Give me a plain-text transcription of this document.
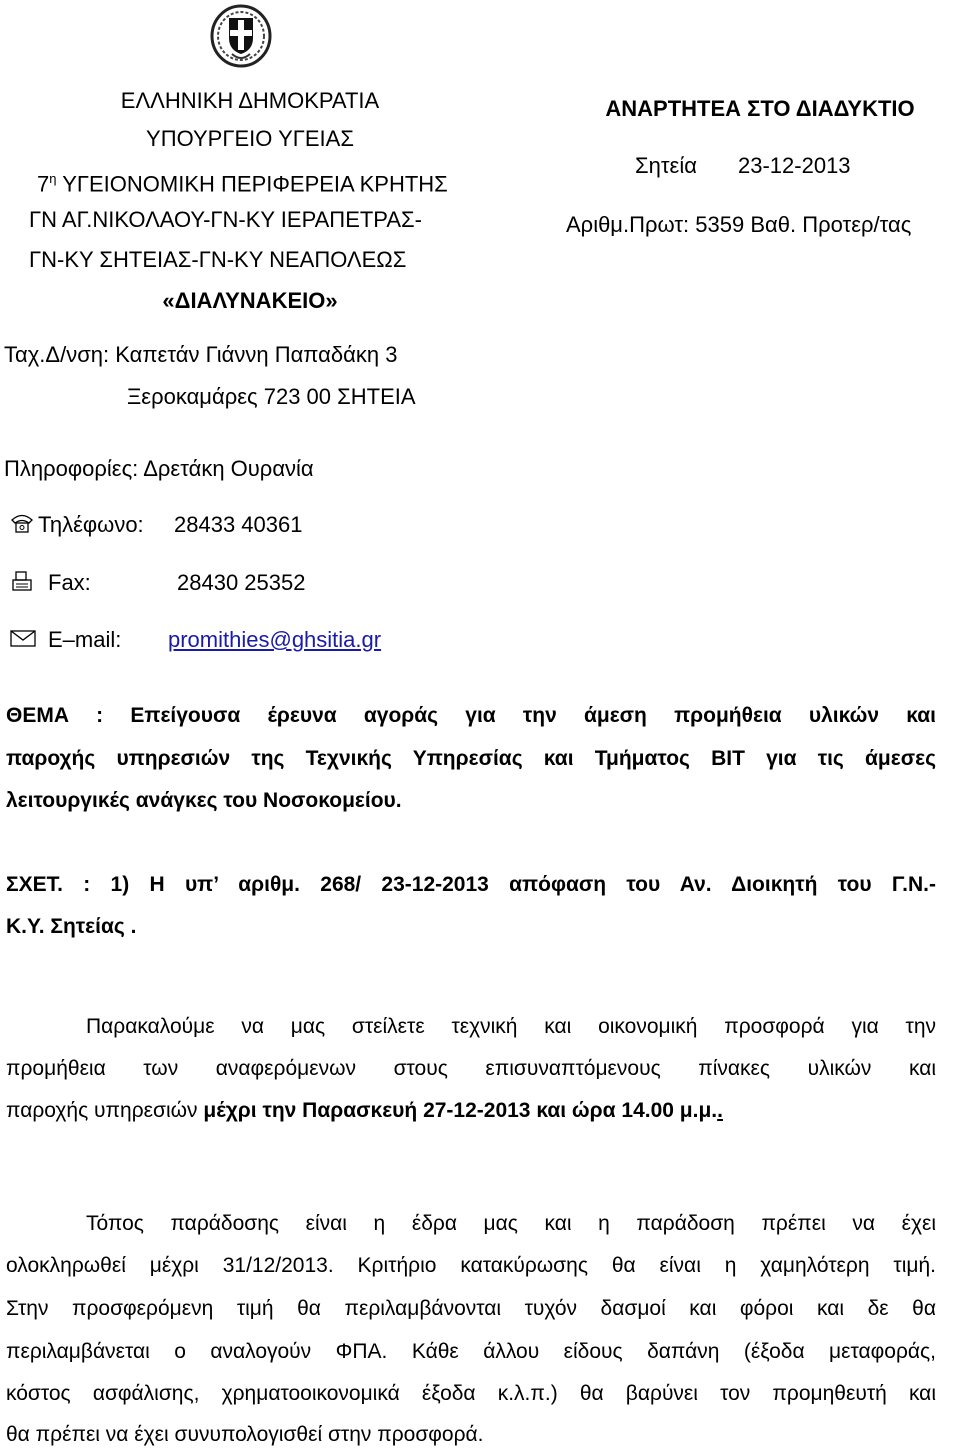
ΕΛΛΗΝΙΚΗ ΔΗΜΟΚΡΑΤΙΑ
ΥΠΟΥΡΓΕΙΟ ΥΓΕΙΑΣ
$7^\eta$ ΥΓΕΙΟΝΟΜΙΚΗ ΠΕΡΙΦΕΡΕΙΑ ΚΡΗΤΗΣ
ΓΝ ΑΓ.ΝΙΚΟΛΑΟΥ-ΓΝ-ΚΥ ΙΕΡΑΠΕΤΡΑΣ-
ΓΝ-ΚΥ ΣΗΤΕΙΑΣ-ΓΝ-ΚΥ ΝΕΑΠΟΛΕΩΣ
«ΔΙΑΛΥΝΑΚΕΙΟ»
ΑΝΑΡΤΗΤΕΑ ΣΤΟ ΔΙΑΔΥΚΤΙΟ
Σητεία 23-12-2013
Αριθμ.Πρωτ: 5359 Βαθ. Προτερ/τας
Ταχ.Δ/νση: Καπετάν Γιάννη Παπαδάκη 3
Ξεροκαμάρες 723 00 ΣΗΤΕΙΑ
Πληροφορίες: Δρετάκη Ουρανία
Τηλέφωνο: 28433 40361
Fax:	28430 25352
E–mail: promithies@ghsitia.gr
ΘΕΜΑ : Επείγουσα έρευνα αγοράς για την άμεση προμήθεια υλικών και
παροχής υπηρεσιών της Τεχνικής Υπηρεσίας και Τμήματος ΒΙΤ για τις άμεσες
λειτουργικές ανάγκες του Νοσοκομείου.
ΣΧΕΤ. : 1) Η υπ’ αριθμ. 268/ 23-12-2013 απόφαση του Αν. Διοικητή του Γ.Ν.-
Κ.Υ. Σητείας .
Παρακαλούμε να μας στείλετε τεχνική και οικονομική προσφορά για την
προμήθεια των αναφερόμενων στους επισυναπτόμενους πίνακες υλικών και
παροχής υπηρεσιών μέχρι την Παρασκευή 27-12-2013 και ώρα 14.00 μ.μ..
Τόπος παράδοσης είναι η έδρα μας και η παράδοση πρέπει να έχει
ολοκληρωθεί μέχρι 31/12/2013. Κριτήριο κατακύρωσης θα είναι η χαμηλότερη τιμή.
Στην προσφερόμενη τιμή θα περιλαμβάνονται τυχόν δασμοί και φόροι και δε θα
περιλαμβάνεται ο αναλογούν ΦΠΑ. Κάθε άλλου είδους δαπάνη (έξοδα μεταφοράς,
κόστος ασφάλισης, χρηματοοικονομικά έξοδα κ.λ.π.) θα βαρύνει τον προμηθευτή και
θα πρέπει να έχει συνυπολογισθεί στην προσφορά.
